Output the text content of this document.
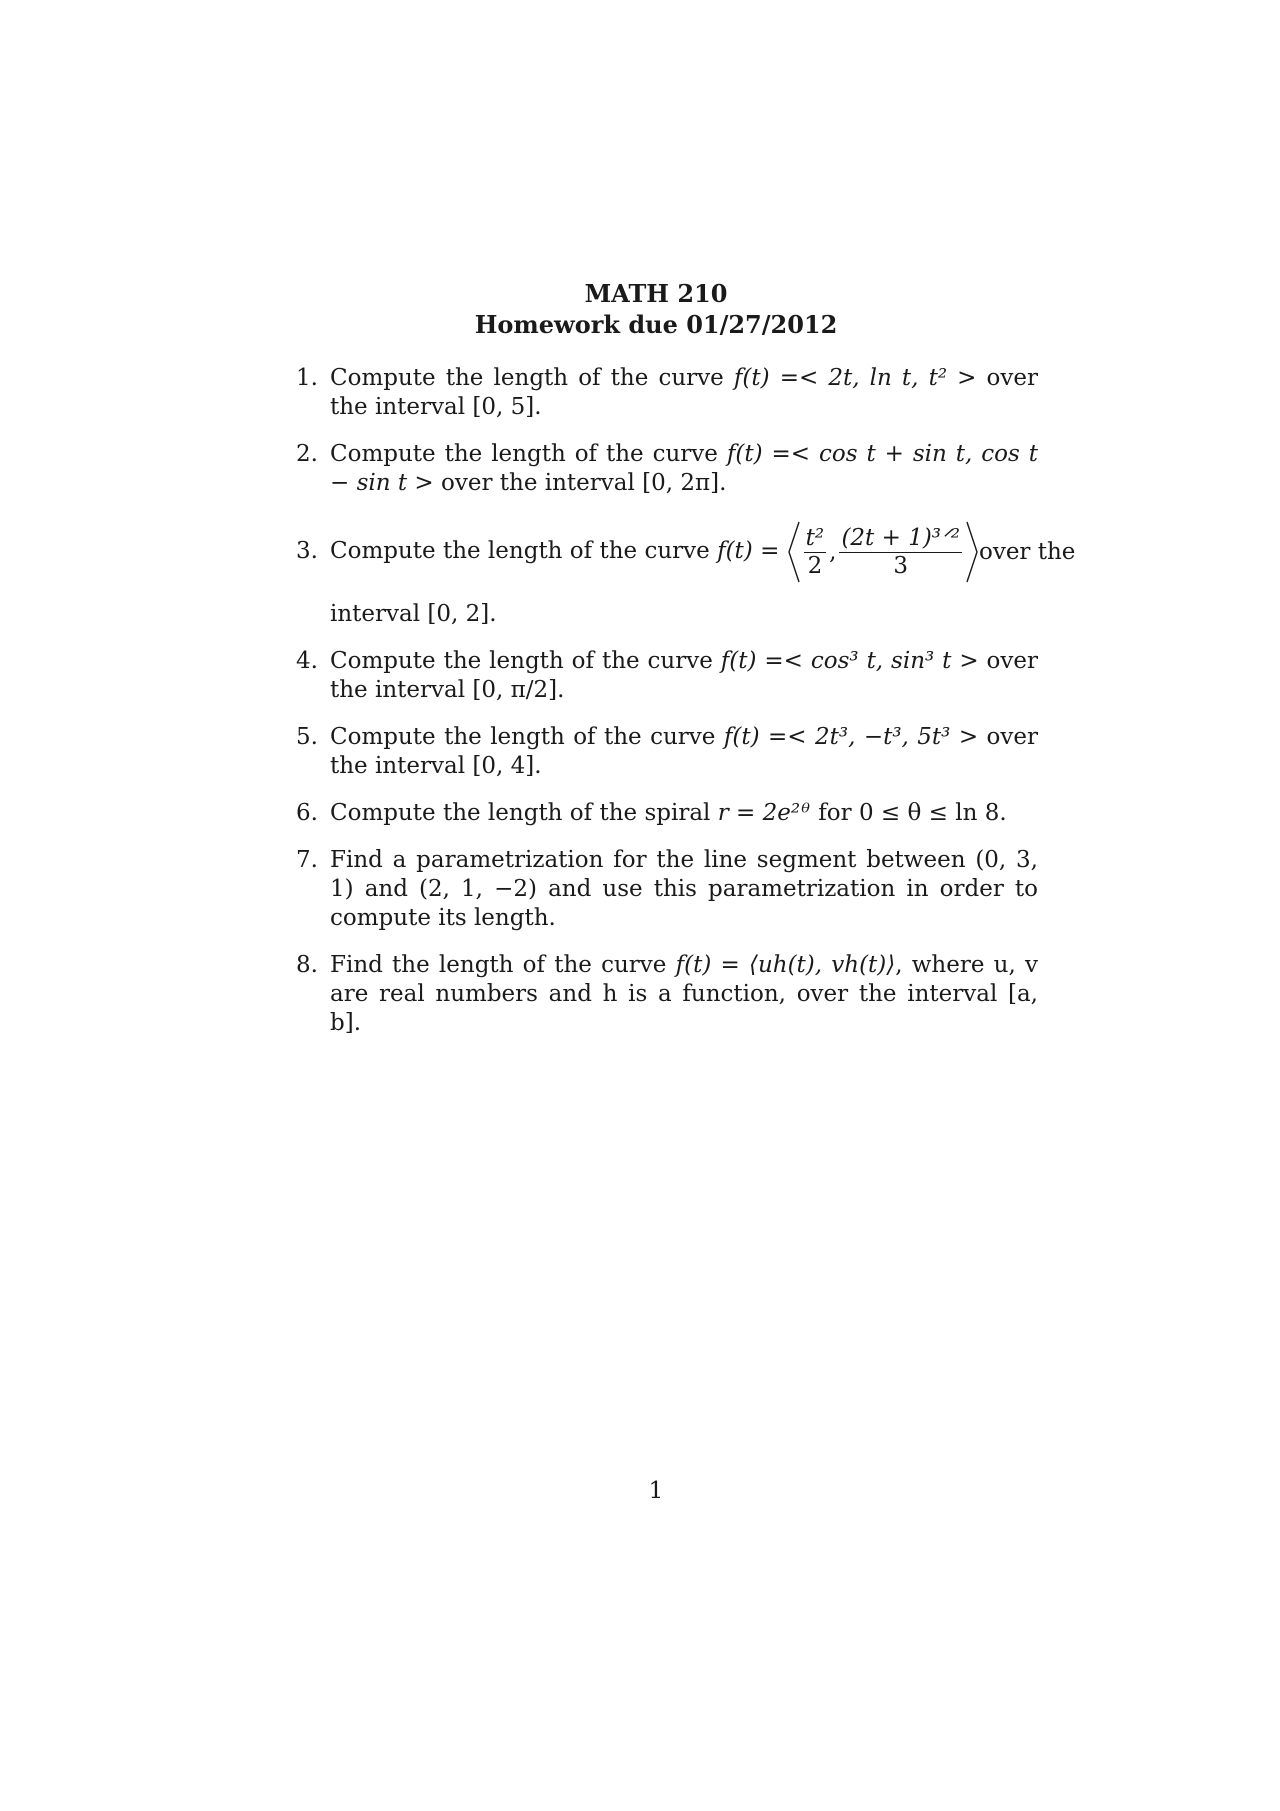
MATH 210
Homework due 01/27/2012
1. Compute the length of the curve f(t) =< 2t, ln t, t² > over the interval [0, 5].
2. Compute the length of the curve f(t) =< cos t + sin t, cos t − sin t > over the interval [0, 2π].
3. Compute the length of the curve $f(t) = \frac{\text{t²}}{2}$ , $\frac{\text{(2t + 1)³ᐟ²}}{3}$ over the
interval [0, 2].
4. Compute the length of the curve f(t) =< cos³ t, sin³ t > over the interval [0, π/2].
5. Compute the length of the curve f(t) =< 2t³, −t³, 5t³ > over the interval [0, 4].
6. Compute the length of the spiral r = 2e²ᶿ for 0 ≤ θ ≤ ln 8.
7. Find a parametrization for the line segment between (0, 3, 1) and (2, 1, −2) and use this parametrization in order to compute its length.
8. Find the length of the curve f(t) = ⟨uh(t), vh(t)⟩, where u, v are real numbers and h is a function, over the interval [a, b].
1
